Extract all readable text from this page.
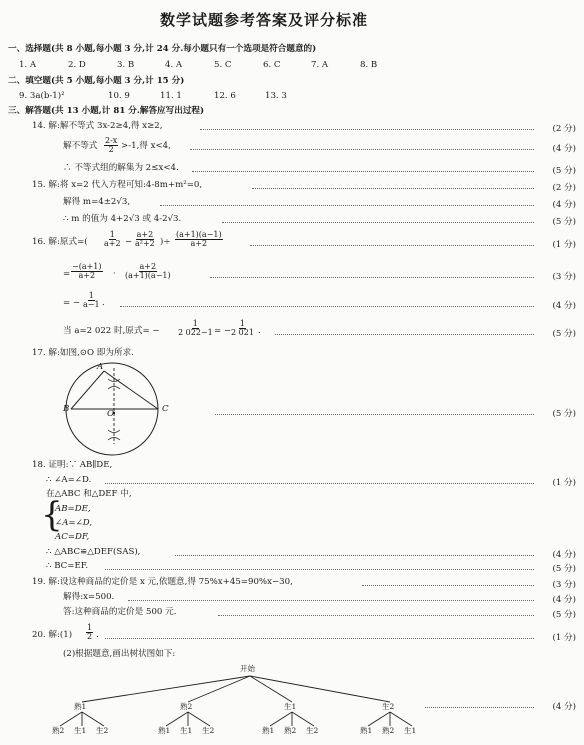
数学试题参考答案及评分标准
一、选择题(共 8 小题,每小题 3 分,计 24 分.每小题只有一个选项是符合题意的)
1. A	2. D	3. B	4. A	5. C	6. C	7. A	8. B
二、填空题(共 5 小题,每小题 3 分,计 15 分)
9. 3a(b-1)²	10. 9	11. 1	12. 6	13. 3
三、解答题(共 13 小题,计 81 分.解答应写出过程)
14. 解:解不等式 3x-2≥4,得 x≥2,	(2 分)
解不等式 $\frac{2-x}{2} >-1$,得 x<4,	(4 分)
∴ 不等式组的解集为 2≤x<4.	(5 分)
15. 解:将 x=2 代入方程可知:4-8m+m²=0,	(2 分)
解得 m=4±2√3,	(4 分)
∴ m 的值为 4+2√3 或 4-2√3.	(5 分)
16. 解:原式=( $\frac{1}{a+2} - \frac{a+2}{\text{a²+2}}$ )÷ $\frac{(a+1)(a-1)}{a+2}$	(1 分)
= $\frac{-(a+1)}{a+2} \cdot \frac{a+2}{(a+1)(a-1)}$	(3 分)
= − $\frac{1}{a-1}$ .	(4 分)
当 a=2 022 时,原式= − $\frac{1}{2 022-1}$ = −
$\frac{1}{2 021}$ .	(5 分)
17. 解:如图,⊙O 即为所求.
A
B	C
O	(5 分)
18. 证明:∵ AB∥DE,
∴ ∠A=∠D.	(1 分)
在△ABC 和△DEF 中,
{
AB=DE,
∠A=∠D,
AC=DF,
∴ △ABC≌△DEF(SAS),	(4 分)
∴ BC=EF.	(5 分)
19. 解:设这种商品的定价是 x 元,依题意,得 75%x+45=90%x−30,	(3 分)
解得:x=500.	(4 分)
答:这种商品的定价是 500 元.	(5 分)
20. 解:(1) $\frac{1}{2}$ .	(1 分)
(2)根据题意,画出树状图如下:
开始
熟1	熟2	生1	生2
熟2 生1 生2	熟1 生1 生2	熟1 熟2 生2	熟1 熟2 生1
(4 分)
